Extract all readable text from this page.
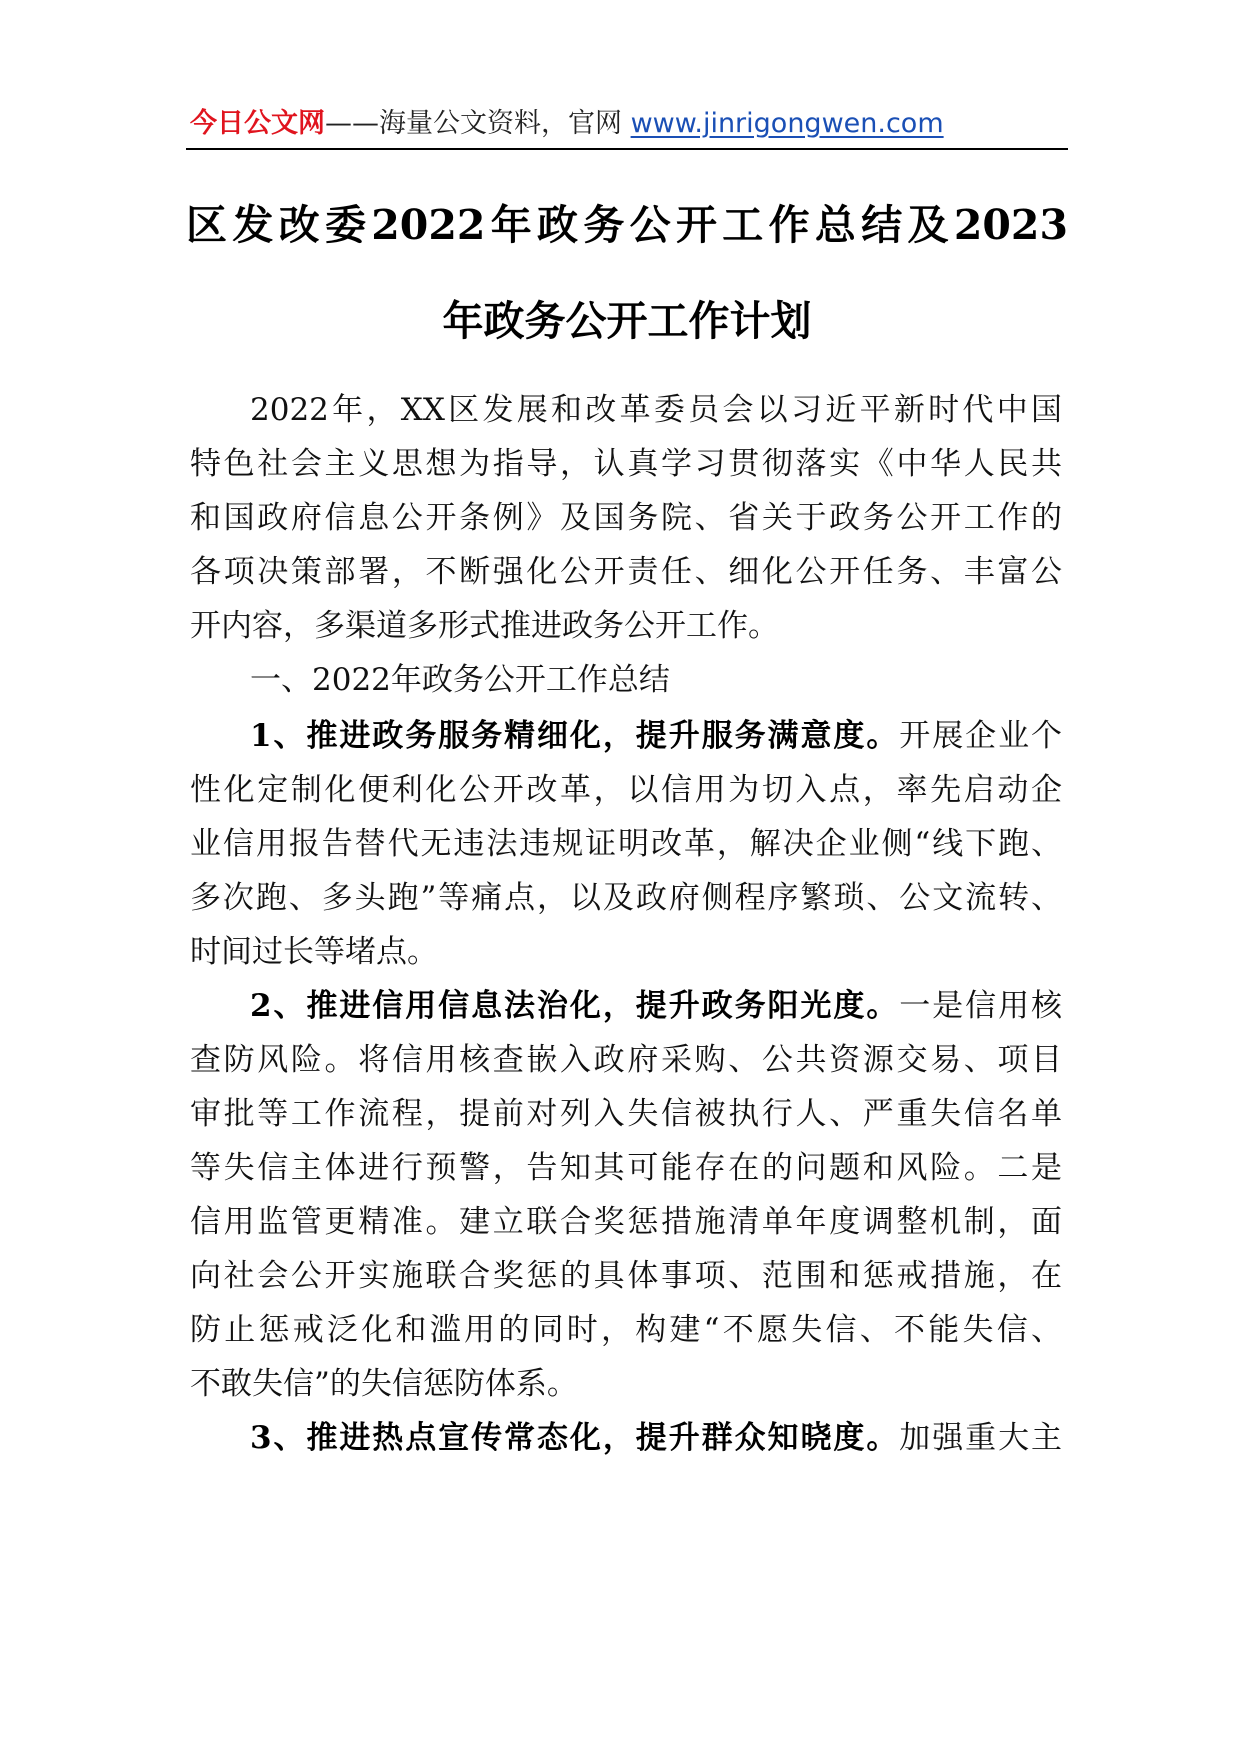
今日公文网——海量公文资料，官网 www.jinrigongwen.com
区发改委2022年政务公开工作总结及2023
年政务公开工作计划
2022年，XX区发展和改革委员会以习近平新时代中国
特色社会主义思想为指导，认真学习贯彻落实《中华人民共
和国政府信息公开条例》及国务院、省关于政务公开工作的
各项决策部署，不断强化公开责任、细化公开任务、丰富公
开内容，多渠道多形式推进政务公开工作。
一、2022年政务公开工作总结
1、推进政务服务精细化，提升服务满意度。开展企业个
性化定制化便利化公开改革，以信用为切入点，率先启动企
业信用报告替代无违法违规证明改革，解决企业侧“线下跑、
多次跑、多头跑”等痛点，以及政府侧程序繁琐、公文流转、
时间过长等堵点。
2、推进信用信息法治化，提升政务阳光度。一是信用核
查防风险。将信用核查嵌入政府采购、公共资源交易、项目
审批等工作流程，提前对列入失信被执行人、严重失信名单
等失信主体进行预警，告知其可能存在的问题和风险。二是
信用监管更精准。建立联合奖惩措施清单年度调整机制，面
向社会公开实施联合奖惩的具体事项、范围和惩戒措施，在
防止惩戒泛化和滥用的同时，构建“不愿失信、不能失信、
不敢失信”的失信惩防体系。
3、推进热点宣传常态化，提升群众知晓度。加强重大主
